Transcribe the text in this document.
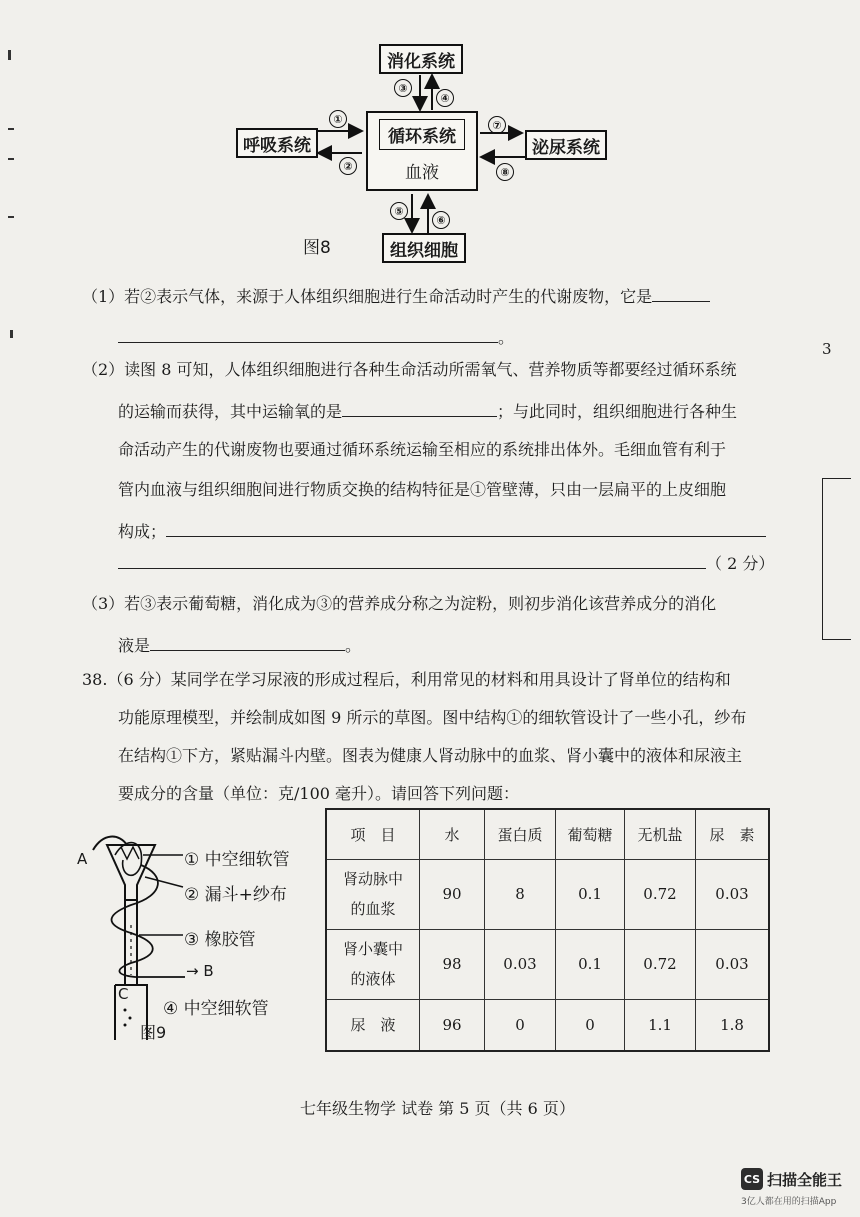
消化系统
呼吸系统	循环系统
血液
泌尿系统
组织细胞
①
②
③
④
⑤
⑥
⑦
⑧
图8
（1）若②表示气体，来源于人体组织细胞进行生命活动时产生的代谢废物，它是
。
（2）读图 8 可知，人体组织细胞进行各种生命活动所需氧气、营养物质等都要经过循环系统
的运输而获得，其中运输氧的是	；与此同时，组织细胞进行各种生
命活动产生的代谢废物也要通过循环系统运输至相应的系统排出体外。毛细血管有利于
管内血液与组织细胞间进行物质交换的结构特征是①管壁薄，只由一层扁平的上皮细胞
构成；
（ 2 分）
（3）若③表示葡萄糖，消化成为③的营养成分称之为淀粉，则初步消化该营养成分的消化
液是	。
38.（6 分）某同学在学习尿液的形成过程后，利用常见的材料和用具设计了肾单位的结构和
功能原理模型，并绘制成如图 9 所示的草图。图中结构①的细软管设计了一些小孔，纱布
在结构①下方，紧贴漏斗内壁。图表为健康人肾动脉中的血浆、肾小囊中的液体和尿液主
要成分的含量（单位：克/100 毫升）。请回答下列问题：
A	① 中空细软管
② 漏斗+纱布
③ 橡胶管
→ B
C
④ 中空细软管
图9
项　目	水	蛋白质	葡萄糖	无机盐	尿　素

肾动脉中
的血浆	90	8	0.1	0.72	0.03

肾小囊中
的液体	98	0.03	0.1	0.72	0.03
尿　液	96	0	0	1.1	1.8
七年级生物学 试卷 第 5 页（共 6 页）
3
CS 扫描全能王
3亿人都在用的扫描App
